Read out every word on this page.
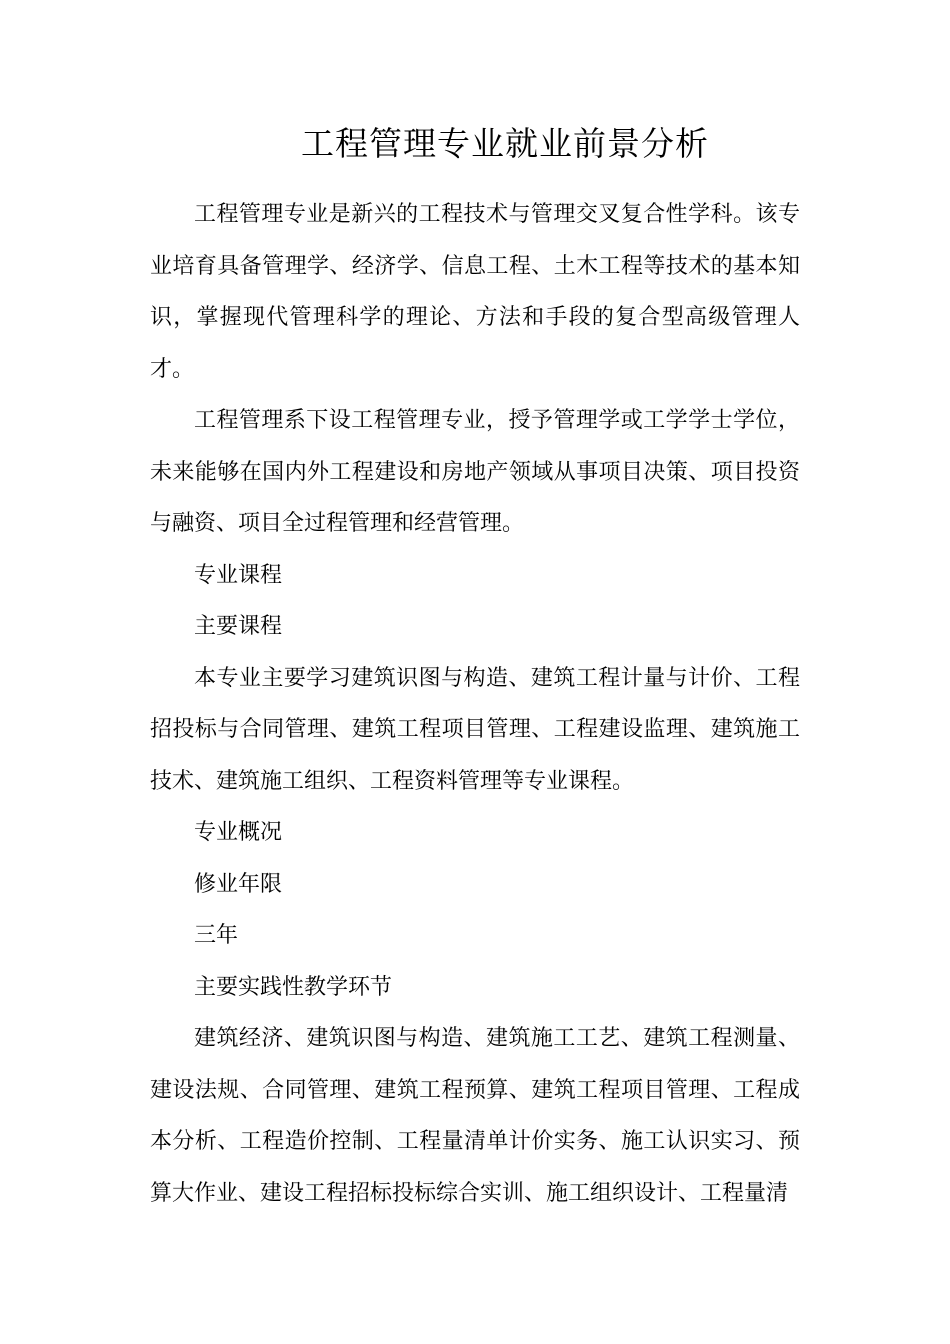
工程管理专业就业前景分析

工程管理专业是新兴的工程技术与管理交叉复合性学科。该专业培育具备管理学、经济学、信息工程、土木工程等技术的基本知识，掌握现代管理科学的理论、方法和手段的复合型高级管理人才。

工程管理系下设工程管理专业，授予管理学或工学学士学位，未来能够在国内外工程建设和房地产领域从事项目决策、项目投资与融资、项目全过程管理和经营管理。

专业课程

主要课程

本专业主要学习建筑识图与构造、建筑工程计量与计价、工程招投标与合同管理、建筑工程项目管理、工程建设监理、建筑施工技术、建筑施工组织、工程资料管理等专业课程。

专业概况

修业年限

三年

主要实践性教学环节

建筑经济、建筑识图与构造、建筑施工工艺、建筑工程测量、建设法规、合同管理、建筑工程预算、建筑工程项目管理、工程成本分析、工程造价控制、工程量清单计价实务、施工认识实习、预算大作业、建设工程招标投标综合实训、施工组织设计、工程量清
